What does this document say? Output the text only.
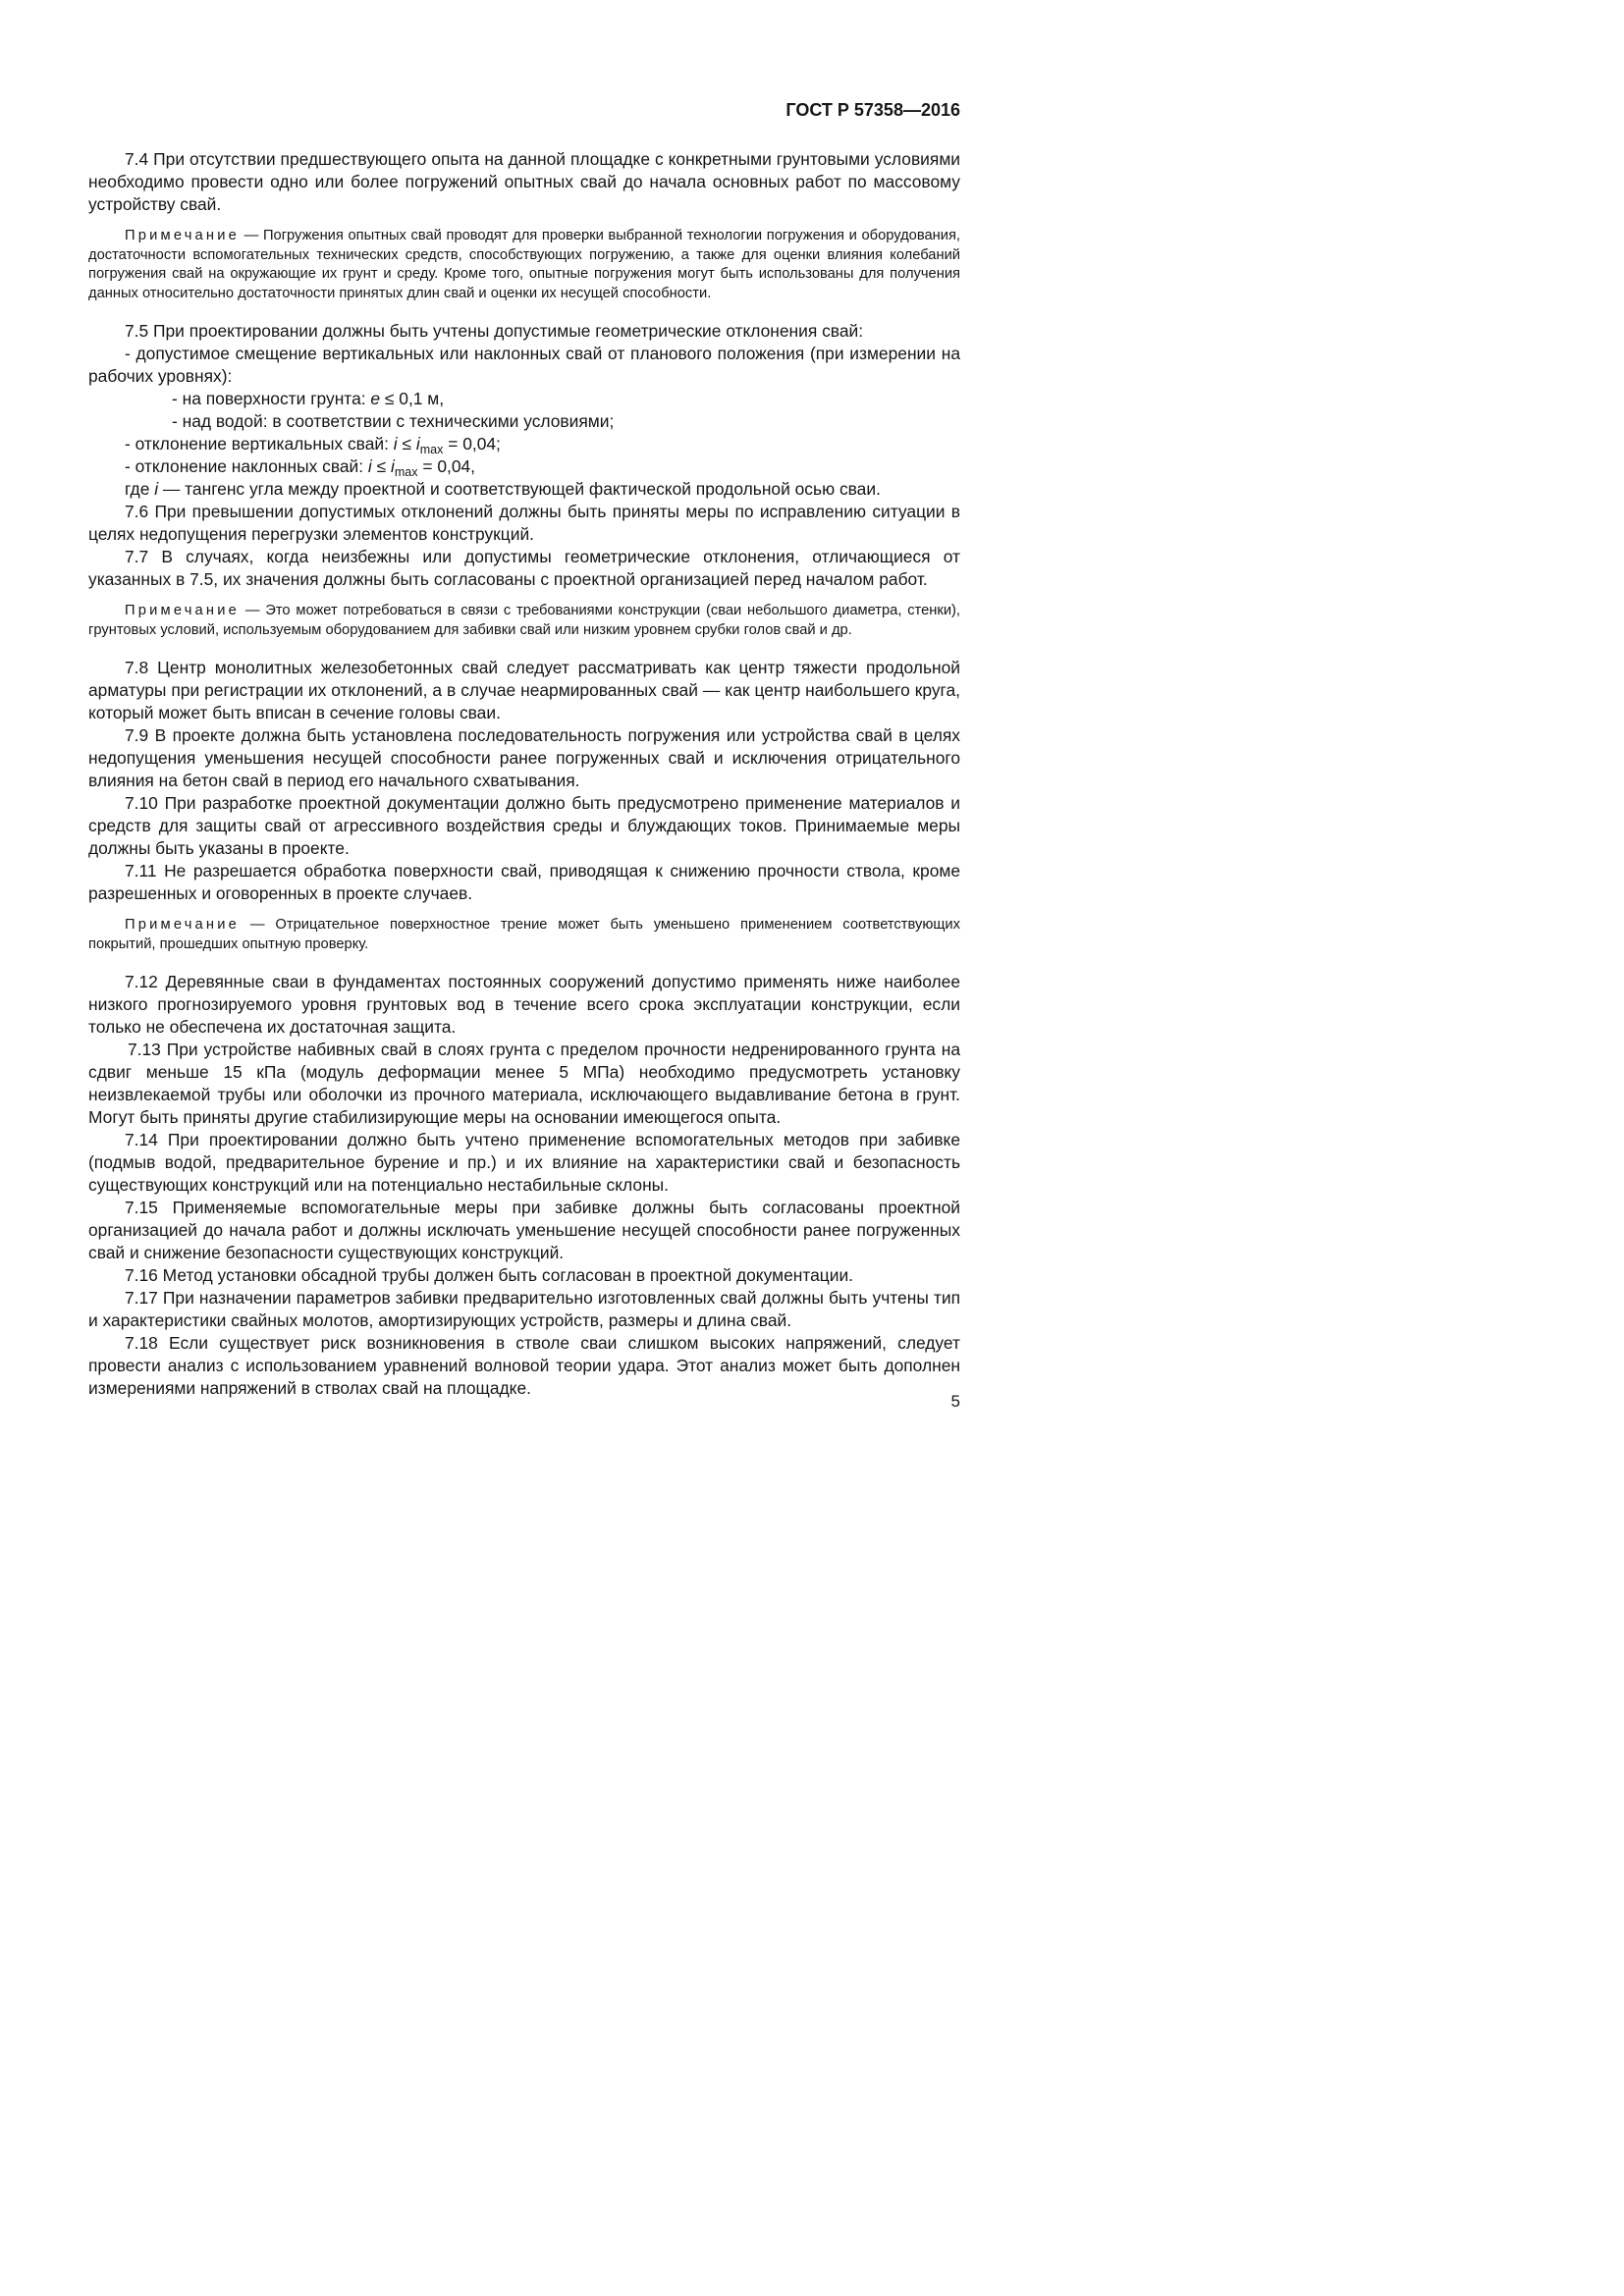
ГОСТ Р 57358—2016

7.4 При отсутствии предшествующего опыта на данной площадке с конкретными грунтовыми условиями необходимо провести одно или более погружений опытных свай до начала основных работ по массовому устройству свай.

Примечание — Погружения опытных свай проводят для проверки выбранной технологии погружения и оборудования, достаточности вспомогательных технических средств, способствующих погружению, а также для оценки влияния колебаний погружения свай на окружающие их грунт и среду. Кроме того, опытные погружения могут быть использованы для получения данных относительно достаточности принятых длин свай и оценки их несущей способности.

7.5 При проектировании должны быть учтены допустимые геометрические отклонения свай:

- допустимое смещение вертикальных или наклонных свай от планового положения (при измерении на рабочих уровнях):

- на поверхности грунта: e ≤ 0,1 м,

- над водой: в соответствии с техническими условиями;

- отклонение вертикальных свай: $i \le i_{max} = 0,04$;

- отклонение наклонных свай: $i \le i_{max} = 0,04$,

где i — тангенс угла между проектной и соответствующей фактической продольной осью сваи.

7.6 При превышении допустимых отклонений должны быть приняты меры по исправлению ситуации в целях недопущения перегрузки элементов конструкций.

7.7 В случаях, когда неизбежны или допустимы геометрические отклонения, отличающиеся от указанных в 7.5, их значения должны быть согласованы с проектной организацией перед началом работ.

Примечание — Это может потребоваться в связи с требованиями конструкции (сваи небольшого диаметра, стенки), грунтовых условий, используемым оборудованием для забивки свай или низким уровнем срубки голов свай и др.

7.8 Центр монолитных железобетонных свай следует рассматривать как центр тяжести продольной арматуры при регистрации их отклонений, а в случае неармированных свай — как центр наибольшего круга, который может быть вписан в сечение головы сваи.

7.9 В проекте должна быть установлена последовательность погружения или устройства свай в целях недопущения уменьшения несущей способности ранее погруженных свай и исключения отрицательного влияния на бетон свай в период его начального схватывания.

7.10 При разработке проектной документации должно быть предусмотрено применение материалов и средств для защиты свай от агрессивного воздействия среды и блуждающих токов. Принимаемые меры должны быть указаны в проекте.

7.11 Не разрешается обработка поверхности свай, приводящая к снижению прочности ствола, кроме разрешенных и оговоренных в проекте случаев.

Примечание — Отрицательное поверхностное трение может быть уменьшено применением соответствующих покрытий, прошедших опытную проверку.

7.12 Деревянные сваи в фундаментах постоянных сооружений допустимо применять ниже наиболее низкого прогнозируемого уровня грунтовых вод в течение всего срока эксплуатации конструкции, если только не обеспечена их достаточная защита.

7.13 При устройстве набивных свай в слоях грунта с пределом прочности недренированного грунта на сдвиг меньше 15 кПа (модуль деформации менее 5 МПа) необходимо предусмотреть установку неизвлекаемой трубы или оболочки из прочного материала, исключающего выдавливание бетона в грунт. Могут быть приняты другие стабилизирующие меры на основании имеющегося опыта.

7.14 При проектировании должно быть учтено применение вспомогательных методов при забивке (подмыв водой, предварительное бурение и пр.) и их влияние на характеристики свай и безопасность существующих конструкций или на потенциально нестабильные склоны.

7.15 Применяемые вспомогательные меры при забивке должны быть согласованы проектной организацией до начала работ и должны исключать уменьшение несущей способности ранее погруженных свай и снижение безопасности существующих конструкций.

7.16 Метод установки обсадной трубы должен быть согласован в проектной документации.

7.17 При назначении параметров забивки предварительно изготовленных свай должны быть учтены тип и характеристики свайных молотов, амортизирующих устройств, размеры и длина свай.

7.18 Если существует риск возникновения в стволе сваи слишком высоких напряжений, следует провести анализ с использованием уравнений волновой теории удара. Этот анализ может быть дополнен измерениями напряжений в стволах свай на площадке.

5
